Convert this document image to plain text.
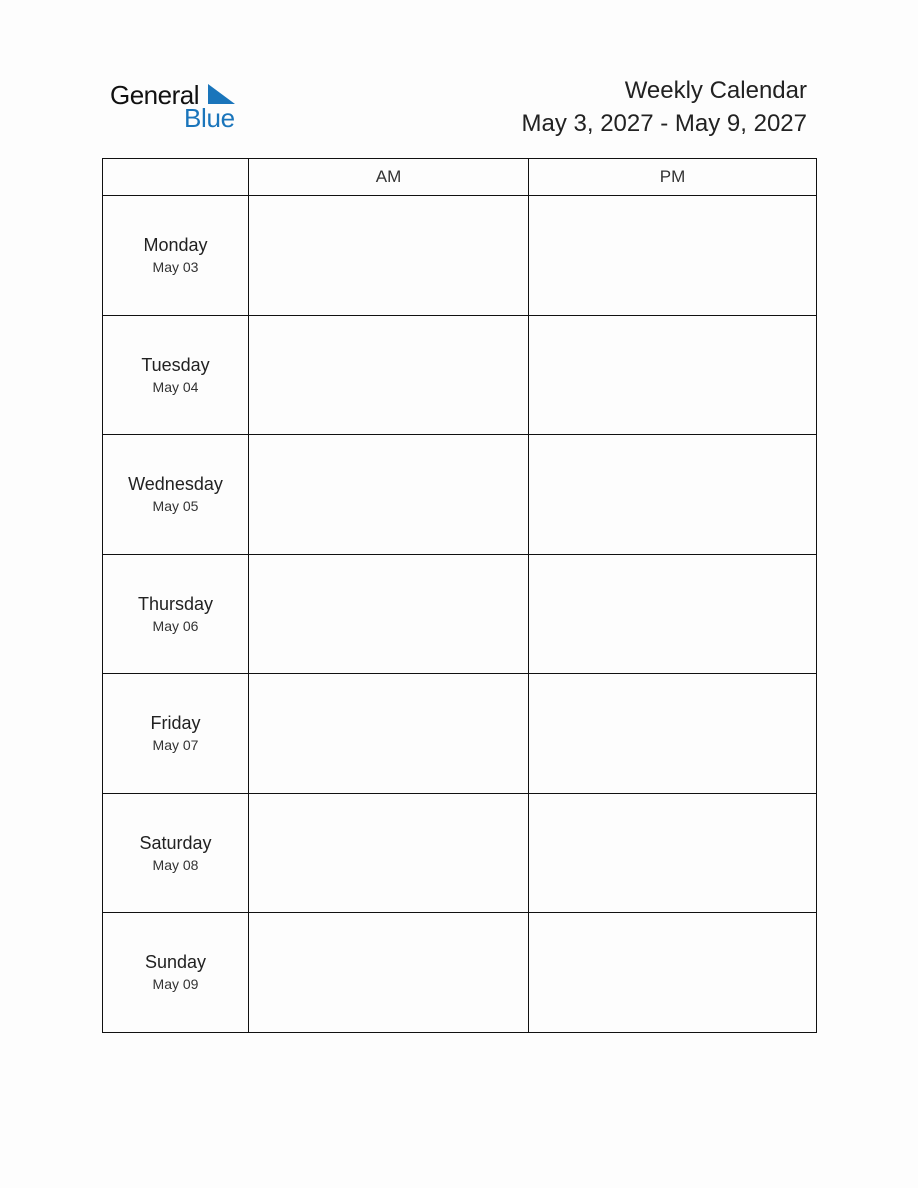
General
Blue
Weekly Calendar
May 3, 2027 - May 9, 2027
	AM	PM

Monday
May 03		

Tuesday
May 04		

Wednesday
May 05		

Thursday
May 06		

Friday
May 07		

Saturday
May 08		

Sunday
May 09		
